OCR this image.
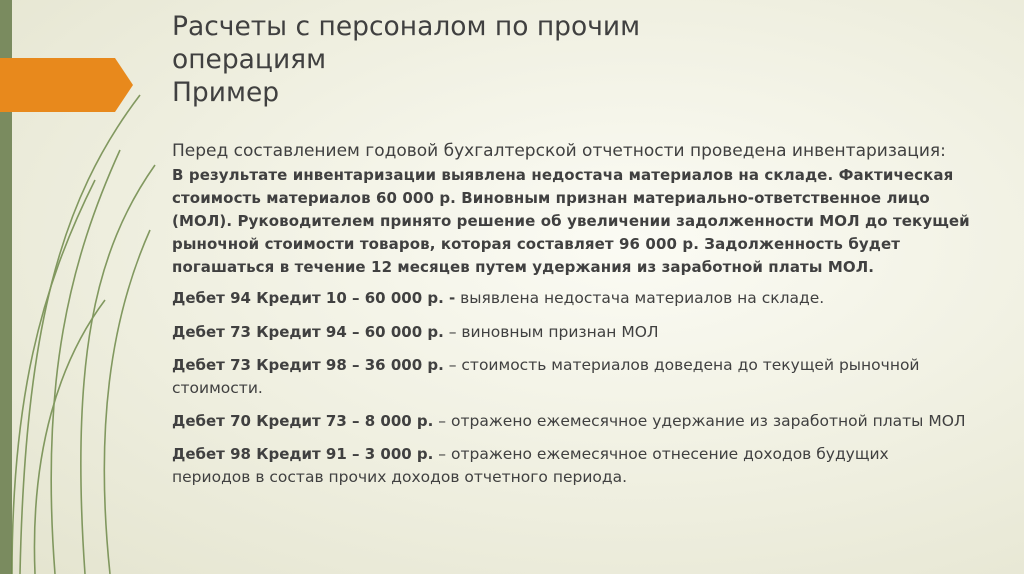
Расчеты с персоналом по прочим
операциям
Пример
Перед составлением годовой бухгалтерской отчетности проведена инвентаризация:
В результате инвентаризации выявлена недостача материалов на складе. Фактическая стоимость материалов 60 000 р. Виновным признан материально-ответственное лицо (МОЛ). Руководителем принято решение об увеличении задолженности МОЛ до текущей рыночной стоимости товаров, которая составляет 96 000 р. Задолженность будет погашаться в течение 12 месяцев путем удержания из заработной платы МОЛ.
Дебет 94 Кредит 10 – 60 000 р. - выявлена недостача материалов на складе.
Дебет 73 Кредит 94 – 60 000 р. – виновным признан МОЛ
Дебет 73 Кредит 98 – 36 000 р. – стоимость материалов доведена до текущей рыночной стоимости.
Дебет 70 Кредит 73 – 8 000 р. – отражено ежемесячное удержание из заработной платы МОЛ
Дебет 98 Кредит 91 – 3 000 р. – отражено ежемесячное отнесение доходов будущих периодов в состав прочих доходов отчетного периода.
